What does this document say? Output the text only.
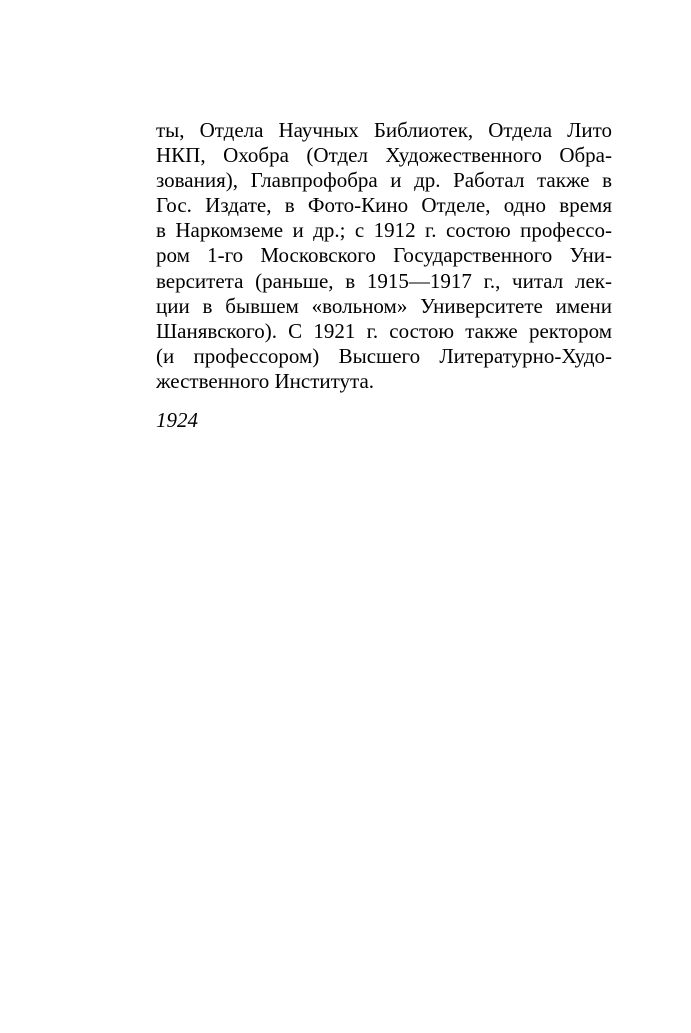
ты, Отдела Научных Библиотек, Отдела Лито
НКП, Охобра (Отдел Художественного Обра-
зования), Главпрофобра и др. Работал также в
Гос. Издате, в Фото-Кино Отделе, одно время
в Наркомземе и др.; с 1912 г. состою профессо-
ром 1-го Московского Государственного Уни-
верситета (раньше, в 1915—1917 г., читал лек-
ции в бывшем «вольном» Университете имени
Шанявского). С 1921 г. состою также ректором
(и профессором) Высшего Литературно-Худо-
жественного Института.
1924
